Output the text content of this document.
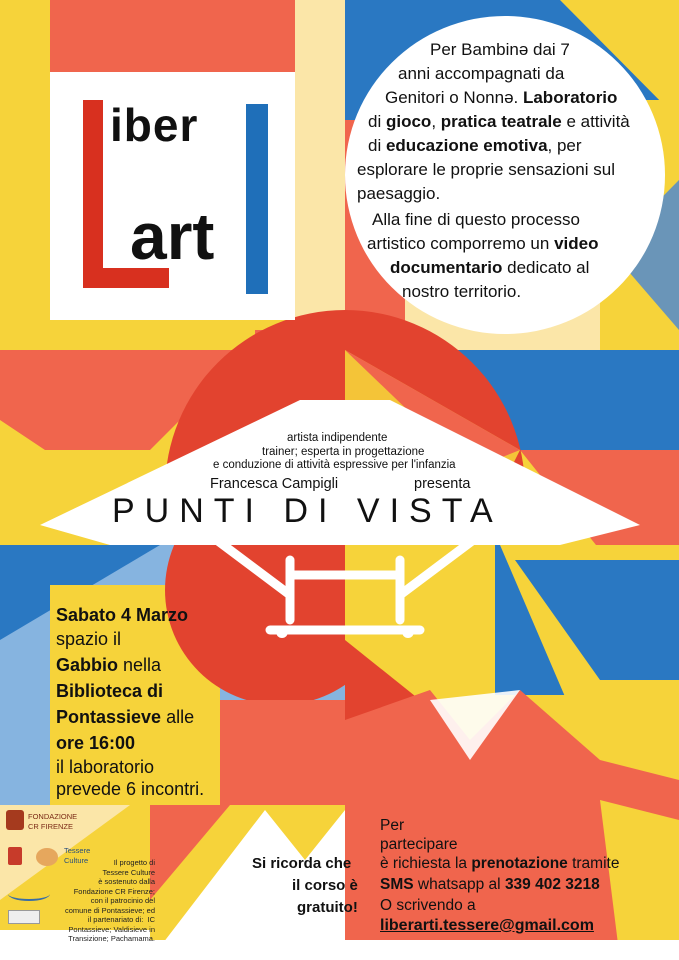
iber
art
Per Bambinə dai 7
anni accompagnati da
Genitori o Nonnə. Laboratorio
di gioco, pratica teatrale e attività
di educazione emotiva, per
esplorare le proprie sensazioni sul
paesaggio.
Alla fine di questo processo
artistico comporremo un video
documentario dedicato al
nostro territorio.
artista indipendente
trainer; esperta in progettazione
e conduzione di attività espressive per l'infanzia
Francesca Campigli	presenta
PUNTI DI VISTA
Sabato 4 Marzo
spazio il
Gabbio nella
Biblioteca di
Pontassieve alle
ore 16:00
il laboratorio
prevede 6 incontri.
FONDAZIONE
CR FIRENZE
Tessere
Culture	Il progetto di
Tessere Culture
è sostenuto dalla
Fondazione CR Firenze;
con il patrocinio del
comune di Pontassieve; ed
il partenariato di:  IC
Pontassieve; Valdisieve in
Transizione; Pachamama.
Si ricorda che
il corso è
gratuito!
Per
partecipare
è richiesta la prenotazione tramite
SMS whatsapp al 339 402 3218
O scrivendo a
liberarti.tessere@gmail.com
